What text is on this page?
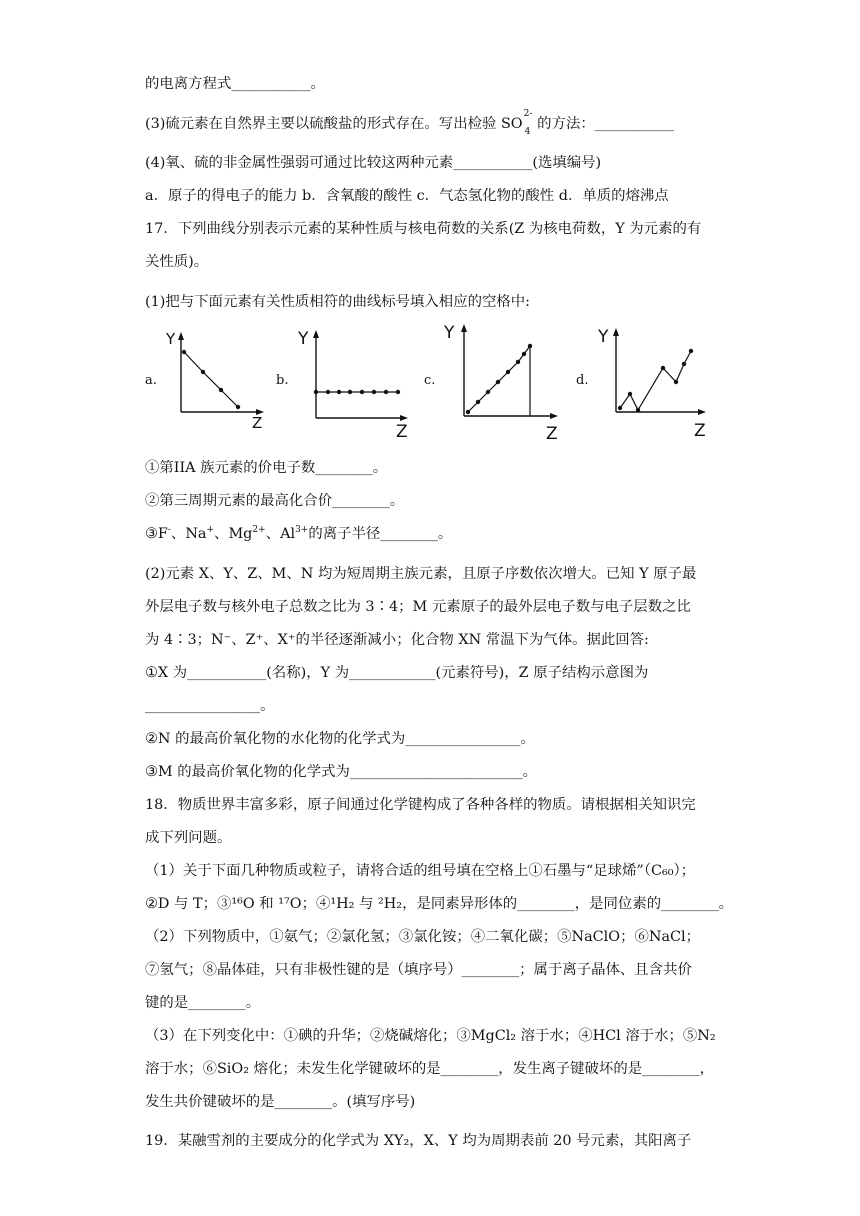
的电离方程式___________。
(3)硫元素在自然界主要以硫酸盐的形式存在。写出检验 SO
2-
4 的方法：___________
(4)氧、硫的非金属性强弱可通过比较这两种元素___________(选填编号)
a．原子的得电子的能力 b．含氧酸的酸性 c．气态氢化物的酸性 d．单质的熔沸点
17．下列曲线分别表示元素的某种性质与核电荷数的关系(Z 为核电荷数，Y 为元素的有
关性质)。
(1)把与下面元素有关性质相符的曲线标号填入相应的空格中:
a.	b.	c.	d.
Y
Z
Y
Z
Y
Z
Y
Z
①第IIA 族元素的价电子数________。
②第三周期元素的最高化合价________。
③F-、Na+、$Mg^{2+}$、$Al^{3+}$的离子半径________。
(2)元素 X、Y、Z、M、N 均为短周期主族元素，且原子序数依次增大。已知 Y 原子最
外层电子数与核外电子总数之比为 3∶4；M 元素原子的最外层电子数与电子层数之比
为 4∶3；N⁻、Z⁺、X⁺的半径逐渐减小；化合物 XN 常温下为气体。据此回答:
①X 为___________(名称)，Y 为____________(元素符号)，Z 原子结构示意图为
________________。
②N 的最高价氧化物的水化物的化学式为________________。
③M 的最高价氧化物的化学式为________________________。
18．物质世界丰富多彩，原子间通过化学键构成了各种各样的物质。请根据相关知识完
成下列问题。
（1）关于下面几种物质或粒子，请将合适的组号填在空格上①石墨与“足球烯”（C₆₀）；
②D 与 T；③¹⁶O 和 ¹⁷O；④¹H₂ 与 ²H₂，是同素异形体的________，是同位素的________。
（2）下列物质中，①氨气；②氯化氢；③氯化铵；④二氧化碳；⑤NaClO；⑥NaCl；
⑦氢气；⑧晶体硅，只有非极性键的是（填序号）________；属于离子晶体、且含共价
键的是________。
（3）在下列变化中：①碘的升华；②烧碱熔化；③MgCl₂ 溶于水；④HCl 溶于水；⑤N₂
溶于水；⑥SiO₂ 熔化；未发生化学键破坏的是________，发生离子键破坏的是________，
发生共价键破坏的是________。(填写序号)
19．某融雪剂的主要成分的化学式为 XY₂，X、Y 均为周期表前 20 号元素，其阳离子
